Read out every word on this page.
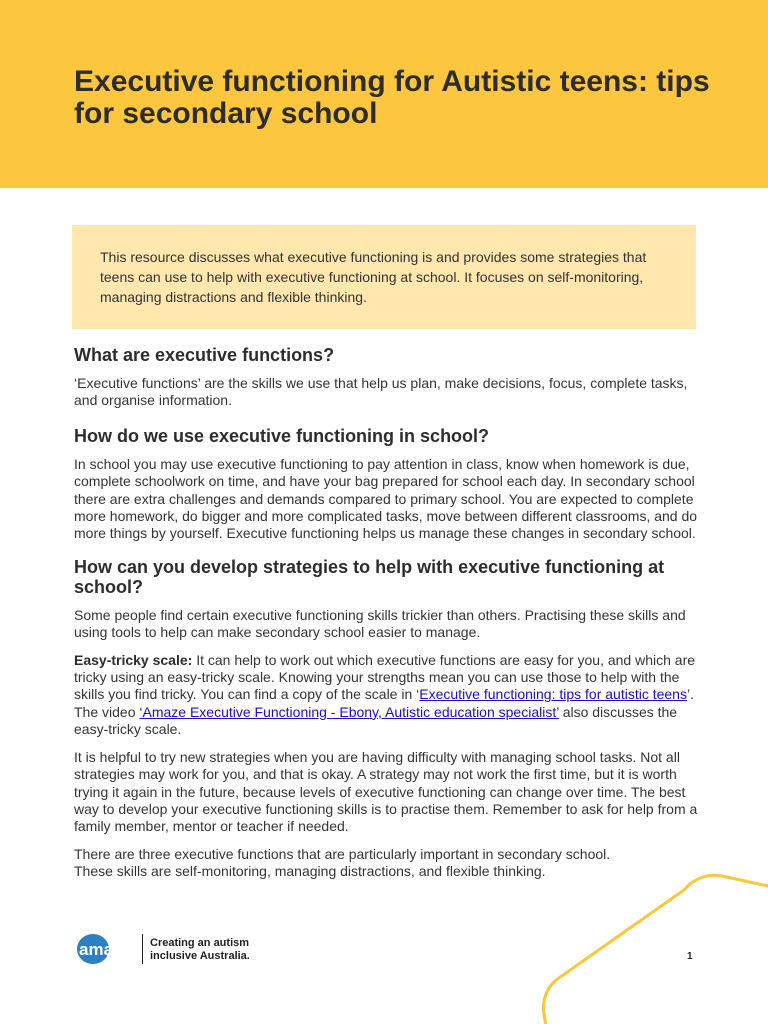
Executive functioning for Autistic teens: tips for secondary school

This resource discusses what executive functioning is and provides some strategies that teens can use to help with executive functioning at school. It focuses on self-monitoring, managing distractions and flexible thinking.

What are executive functions?

‘Executive functions’ are the skills we use that help us plan, make decisions, focus, complete tasks, and organise information.

How do we use executive functioning in school?

In school you may use executive functioning to pay attention in class, know when homework is due, complete schoolwork on time, and have your bag prepared for school each day. In secondary school there are extra challenges and demands compared to primary school. You are expected to complete more homework, do bigger and more complicated tasks, move between different classrooms, and do more things by yourself. Executive functioning helps us manage these changes in secondary school.

How can you develop strategies to help with executive functioning at school?

Some people find certain executive functioning skills trickier than others. Practising these skills and using tools to help can make secondary school easier to manage.

Easy-tricky scale: It can help to work out which executive functions are easy for you, and which are tricky using an easy-tricky scale. Knowing your strengths mean you can use those to help with the skills you find tricky. You can find a copy of the scale in ‘Executive functioning: tips for autistic teens’. The video ‘Amaze Executive Functioning - Ebony, Autistic education specialist’ also discusses the easy-tricky scale.

It is helpful to try new strategies when you are having difficulty with managing school tasks. Not all strategies may work for you, and that is okay. A strategy may not work the first time, but it is worth trying it again in the future, because levels of executive functioning can change over time. The best way to develop your executive functioning skills is to practise them. Remember to ask for help from a family member, mentor or teacher if needed.

There are three executive functions that are particularly important in secondary school.
These skills are self-monitoring, managing distractions, and flexible thinking.

amaze Creating an autism
inclusive Australia.	1
